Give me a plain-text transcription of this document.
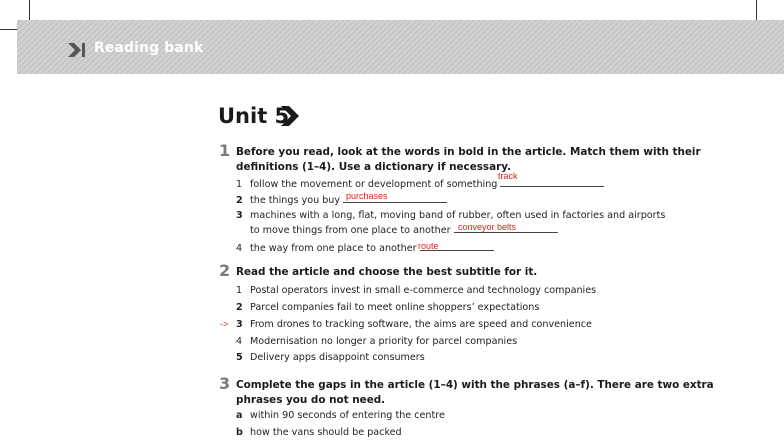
Reading bank
Unit 5
1 Before you read, look at the words in bold in the article. Match them with their
definitions (1–4). Use a dictionary if necessary.
1 follow the movement or development of something
track
2 the things you buy purchases
3 machines with a long, flat, moving band of rubber, often used in factories and airports
to move things from one place to another conveyor belts
4 the way from one place to another route
2 Read the article and choose the best subtitle for it.
1 Postal operators invest in small e-commerce and technology companies
2 Parcel companies fail to meet online shoppers’ expectations
-> 3 From drones to tracking software, the aims are speed and convenience
4 Modernisation no longer a priority for parcel companies
5 Delivery apps disappoint consumers
3 Complete the gaps in the article (1–4) with the phrases (a–f). There are two extra
phrases you do not need.
a within 90 seconds of entering the centre
b how the vans should be packed
